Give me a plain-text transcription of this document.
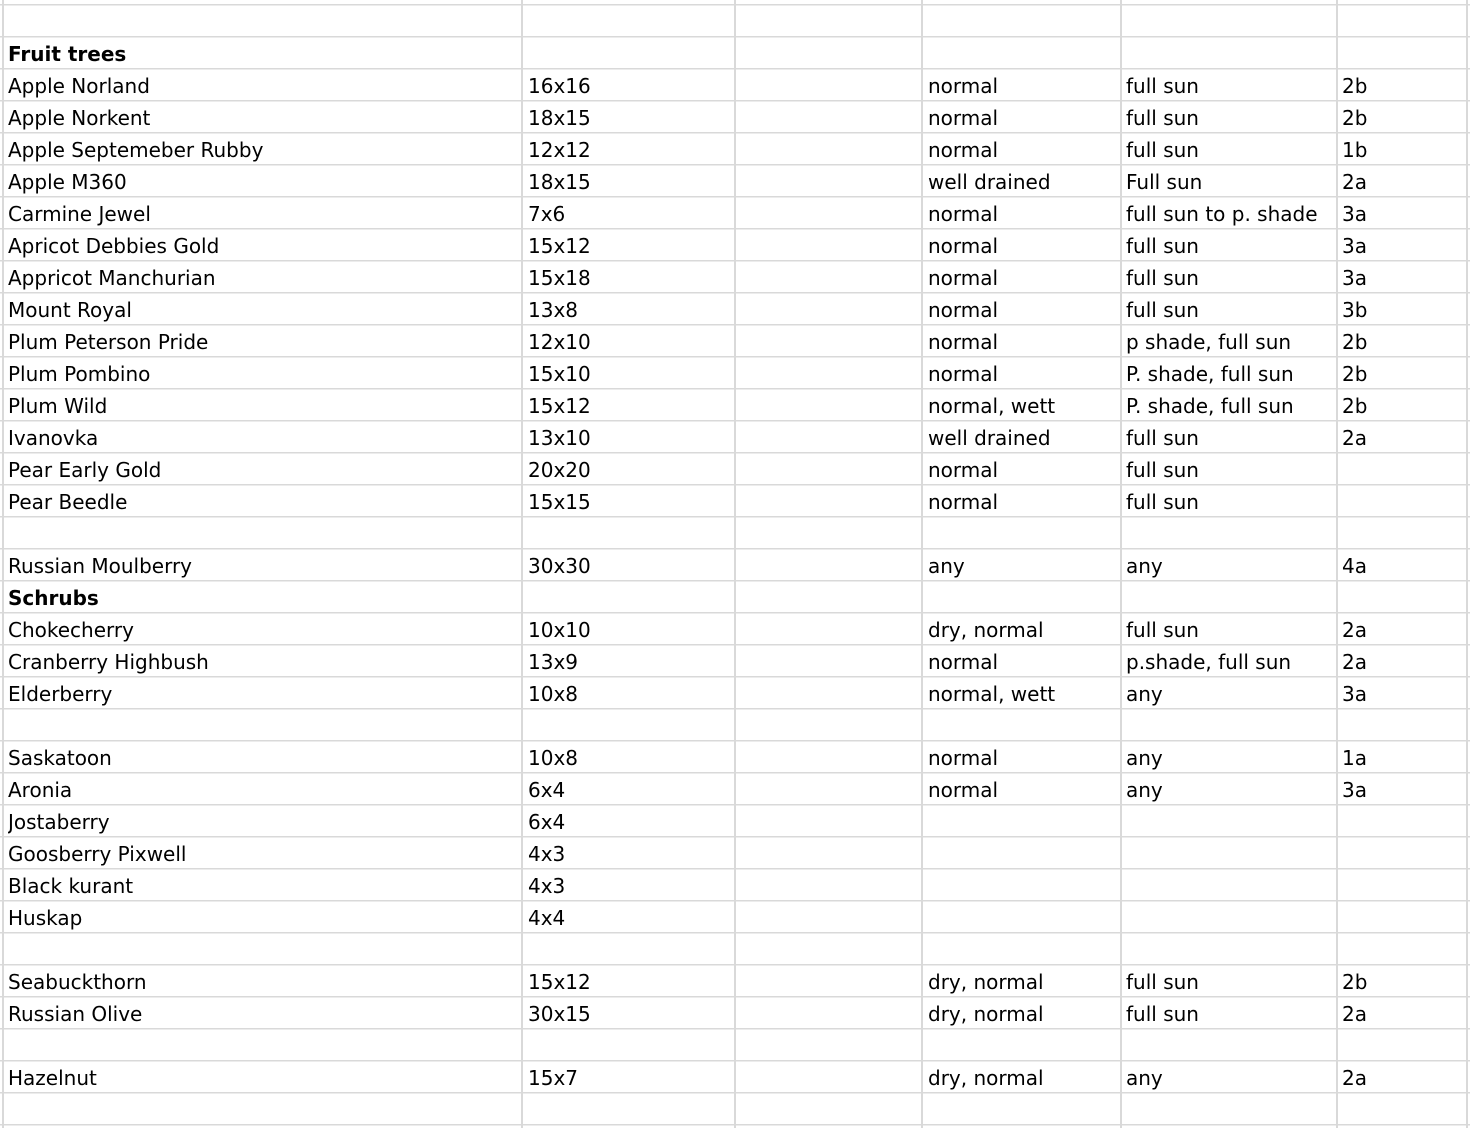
Fruit trees
Apple Norland	16x16	normal	full sun	2b
Apple Norkent	18x15	normal	full sun	2b
Apple Septemeber Rubby	12x12	normal	full sun	1b
Apple M360	18x15	well drained	Full sun	2a
Carmine Jewel	7x6	normal	full sun to p. shade	3a
Apricot Debbies Gold	15x12	normal	full sun	3a
Appricot Manchurian	15x18	normal	full sun	3a
Mount Royal	13x8	normal	full sun	3b
Plum Peterson Pride	12x10	normal	p shade, full sun	2b
Plum Pombino	15x10	normal	P. shade, full sun	2b
Plum Wild	15x12	normal, wett	P. shade, full sun	2b
Ivanovka	13x10	well drained	full sun	2a
Pear Early Gold	20x20	normal	full sun
Pear Beedle	15x15	normal	full sun
Russian Moulberry	30x30	any	any	4a
Schrubs
Chokecherry	10x10	dry, normal	full sun	2a
Cranberry Highbush	13x9	normal	p.shade, full sun	2a
Elderberry	10x8	normal, wett	any	3a
Saskatoon	10x8	normal	any	1a
Aronia	6x4	normal	any	3a
Jostaberry	6x4
Goosberry Pixwell	4x3
Black kurant	4x3
Huskap	4x4
Seabuckthorn	15x12	dry, normal	full sun	2b
Russian Olive	30x15	dry, normal	full sun	2a
Hazelnut	15x7	dry, normal	any	2a
